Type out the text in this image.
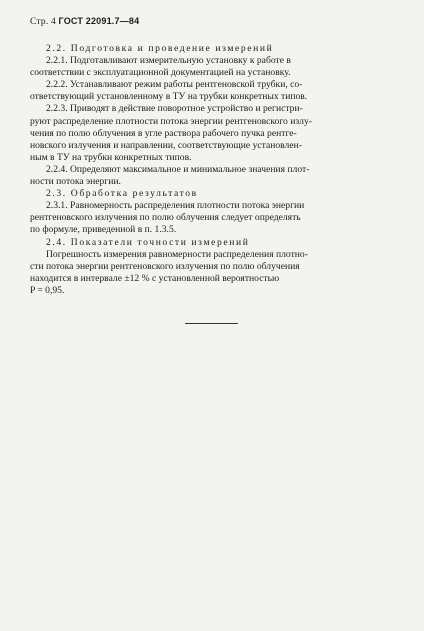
Стр. 4 ГОСТ 22091.7—84

2.2. Подготовка и проведение измерений

2.2.1. Подготавливают измерительную установку к работе в
соответствии с эксплуатационной документацией на установку.

2.2.2. Устанавливают режим работы рентгеновской трубки, со-
ответствующий установленному в ТУ на трубки конкретных типов.

2.2.3. Приводят в действие поворотное устройство и регистри-
руют распределение плотности потока энергии рентгеновского излу-
чения по полю облучения в угле раствора рабочего пучка рентге-
новского излучения и направлении, соответствующие установлен-
ным в ТУ на трубки конкретных типов.

2.2.4. Определяют максимальное и минимальное значения плот-
ности потока энергии.

2.3. Обработка результатов

2.3.1. Равномерность распределения плотности потока энергии
рентгеновского излучения по полю облучения следует определять
по формуле, приведенной в п. 1.3.5.

2.4. Показатели точности измерений

Погрешность измерения равномерности распределения плотно-
сти потока энергии рентгеновского излучения по полю облучения
находится в интервале ±12 % с установленной вероятностью
P = 0,95.
